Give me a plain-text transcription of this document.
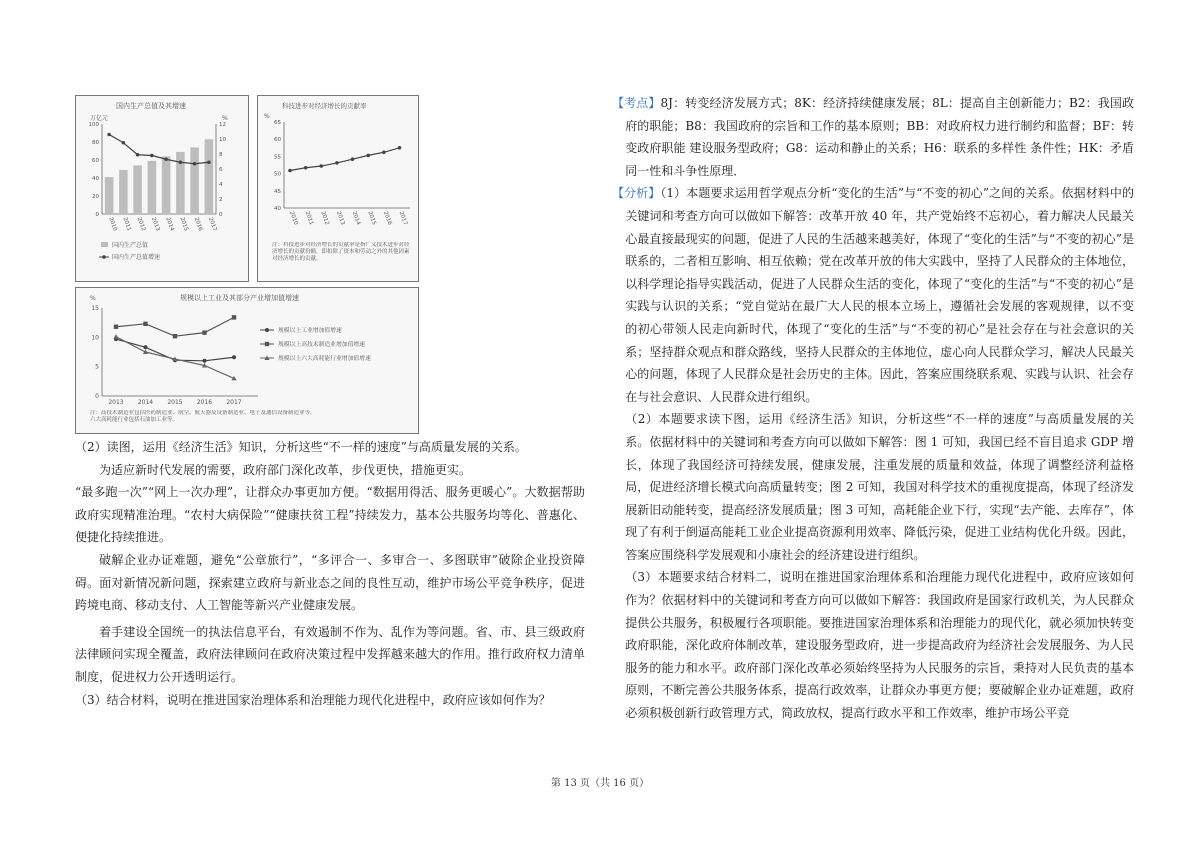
国内生产总值及其增速
万亿元	%
0
20
40
60
80
100
0
2
4
6
8
10
12
2010 2011 2012 2013 2014 2015 2016 2017
国内生产总值
国内生产总值增速
科技进步对经济增长的贡献率
%
40
45
50
55
60
65
2010 2011 2012 2013 2014 2015 2016 2017
注：科技进步对经济增长的贡献率是指广义技术进步对经济增长的贡献份额，即扣除了资本和劳动之外的其他因素对经济增长的贡献。
规模以上工业及其部分产业增加值增速
%
0
5
10
15
2013 2014 2015 2016 2017
规模以上工业增加值增速
规模以上高技术制造业增加值增速
规模以上六大高耗能行业增加值增速
注：高技术制造业包括医药制造业、航空、航天器及设备制造业、电子及通信设备制造业等，六大高耗能行业包括石油加工业等。

（2）读图，运用《经济生活》知识，分析这些“不一样的速度”与高质量发展的关系。

为适应新时代发展的需要，政府部门深化改革，步伐更快，措施更实。

“最多跑一次”“网上一次办理”，让群众办事更加方便。“数据用得活、服务更暖心”。大数据帮助政府实现精准治理。“农村大病保险”“健康扶贫工程”持续发力，基本公共服务均等化、普惠化、便捷化持续推进。

破解企业办证难题，避免“公章旅行”，“多评合一、多审合一、多图联审”破除企业投资障碍。面对新情况新问题，探索建立政府与新业态之间的良性互动，维护市场公平竞争秩序，促进跨境电商、移动支付、人工智能等新兴产业健康发展。

着手建设全国统一的执法信息平台，有效遏制不作为、乱作为等问题。省、市、县三级政府法律顾问实现全覆盖，政府法律顾问在政府决策过程中发挥越来越大的作用。推行政府权力清单制度，促进权力公开透明运行。

（3）结合材料，说明在推进国家治理体系和治理能力现代化进程中，政府应该如何作为？

【考点】8J：转变经济发展方式；8K：经济持续健康发展；8L：提高自主创新能力；B2：我国政府的职能；B8：我国政府的宗旨和工作的基本原则；BB：对政府权力进行制约和监督；BF：转变政府职能 建设服务型政府；G8：运动和静止的关系；H6：联系的多样性 条件性；HK：矛盾同一性和斗争性原理．

【分析】（1）本题要求运用哲学观点分析“变化的生活”与“不变的初心”之间的关系。依据材料中的关键词和考查方向可以做如下解答：改革开放 40 年，共产党始终不忘初心，着力解决人民最关心最直接最现实的问题，促进了人民的生活越来越美好，体现了“变化的生活”与“不变的初心”是联系的，二者相互影响、相互依赖；党在改革开放的伟大实践中，坚持了人民群众的主体地位，以科学理论指导实践活动，促进了人民群众生活的变化，体现了“变化的生活”与“不变的初心”是实践与认识的关系；“党自觉站在最广大人民的根本立场上，遵循社会发展的客观规律，以不变的初心带领人民走向新时代，体现了“变化的生活”与“不变的初心”是社会存在与社会意识的关系；坚持群众观点和群众路线，坚持人民群众的主体地位，虚心向人民群众学习，解决人民最关心的问题，体现了人民群众是社会历史的主体。因此，答案应围绕联系观、实践与认识、社会存在与社会意识、人民群众进行组织。

（2）本题要求读下图，运用《经济生活》知识，分析这些“不一样的速度”与高质量发展的关系。依据材料中的关键词和考查方向可以做如下解答：图 1 可知，我国已经不盲目追求 GDP 增长，体现了我国经济可持续发展，健康发展，注重发展的质量和效益，体现了调整经济利益格局，促进经济增长模式向高质量转变；图 2 可知，我国对科学技术的重视度提高，体现了经济发展新旧动能转变，提高经济发展质量；图 3 可知，高耗能企业下行，实现“去产能、去库存”，体现了有利于倒逼高能耗工业企业提高资源利用效率、降低污染，促进工业结构优化升级。因此，答案应围绕科学发展观和小康社会的经济建设进行组织。

（3）本题要求结合材料二，说明在推进国家治理体系和治理能力现代化进程中，政府应该如何作为？依据材料中的关键词和考查方向可以做如下解答：我国政府是国家行政机关，为人民群众提供公共服务，积极履行各项职能。要推进国家治理体系和治理能力的现代化，就必须加快转变政府职能，深化政府体制改革，建设服务型政府，进一步提高政府为经济社会发展服务、为人民服务的能力和水平。政府部门深化改革必须始终坚持为人民服务的宗旨，秉持对人民负责的基本原则，不断完善公共服务体系，提高行政效率，让群众办事更方便；要破解企业办证难题，政府必须积极创新行政管理方式，简政放权，提高行政水平和工作效率，维护市场公平竞

第 13 页（共 16 页）
